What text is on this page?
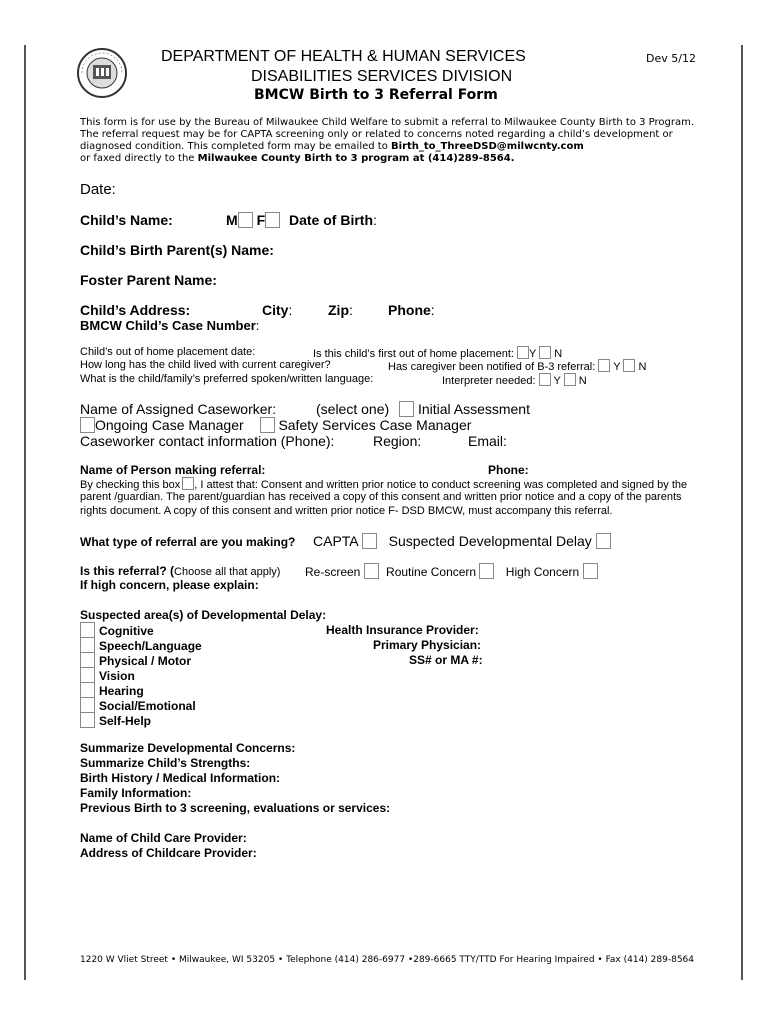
DEPARTMENT OF HEALTH & HUMAN SERVICES
DISABILITIES SERVICES DIVISION
BMCW Birth to 3 Referral Form
Dev 5/12
This form is for use by the Bureau of Milwaukee Child Welfare to submit a referral to Milwaukee County Birth to 3 Program.
The referral request may be for CAPTA screening only or related to concerns noted regarding a child’s development or
diagnosed condition. This completed form may be emailed to Birth_to_ThreeDSD@milwcnty.com
or faxed directly to the Milwaukee County Birth to 3 program at (414)289-8564.
Date:
Child’s Name:	M F	Date of Birth:
Child’s Birth Parent(s) Name:
Foster Parent Name:
Child’s Address:	City:	Zip:	Phone:
BMCW Child’s Case Number:
Child’s out of home placement date:	Is this child’s first out of home placement: Y N
How long has the child lived with current caregiver?	Has caregiver been notified of B-3 referral: Y N
What is the child/family’s preferred spoken/written language:	Interpreter needed: Y N
Name of Assigned Caseworker:	(select one) Initial Assessment
Ongoing Case Manager Safety Services Case Manager
Caseworker contact information (Phone):	Region:	Email:
Name of Person making referral:	Phone:
By checking this box , I attest that: Consent and written prior notice to conduct screening was completed and signed by the
parent /guardian. The parent/guardian has received a copy of this consent and written prior notice and a copy of the parents
rights document. A copy of this consent and written prior notice F- DSD BMCW, must accompany this referral.
What type of referral are you making? CAPTA Suspected Developmental Delay
Is this referral? (Choose all that apply) Re-screen Routine Concern High Concern
If high concern, please explain:
Suspected area(s) of Developmental Delay:
Cognitive
Speech/Language
Physical / Motor
Vision
Hearing
Social/Emotional
Self-Help
Health Insurance Provider:
Primary Physician:
SS# or MA #:
Summarize Developmental Concerns:
Summarize Child’s Strengths:
Birth History / Medical Information:
Family Information:
Previous Birth to 3 screening, evaluations or services:
Name of Child Care Provider:
Address of Childcare Provider:
1220 W Vliet Street • Milwaukee, WI 53205 • Telephone (414) 286-6977 •289-6665 TTY/TTD For Hearing Impaired • Fax (414) 289-8564
